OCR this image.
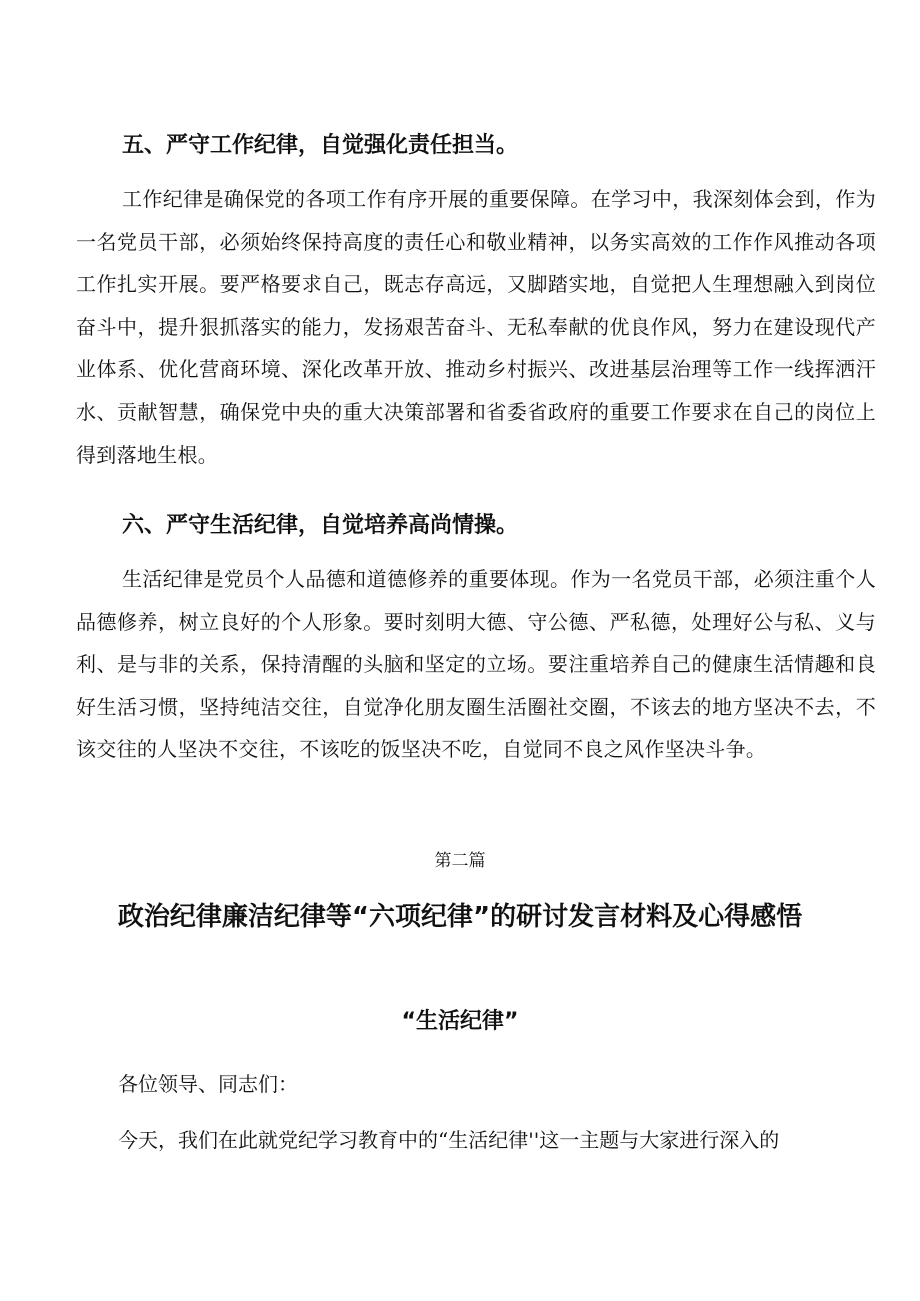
五、严守工作纪律，自觉强化责任担当。

工作纪律是确保党的各项工作有序开展的重要保障。在学习中，我深刻体会到，作为一名党员干部，必须始终保持高度的责任心和敬业精神，以务实高效的工作作风推动各项工作扎实开展。要严格要求自己，既志存高远，又脚踏实地，自觉把人生理想融入到岗位奋斗中，提升狠抓落实的能力，发扬艰苦奋斗、无私奉献的优良作风，努力在建设现代产业体系、优化营商环境、深化改革开放、推动乡村振兴、改进基层治理等工作一线挥洒汗水、贡献智慧，确保党中央的重大决策部署和省委省政府的重要工作要求在自己的岗位上得到落地生根。

六、严守生活纪律，自觉培养高尚情操。

生活纪律是党员个人品德和道德修养的重要体现。作为一名党员干部，必须注重个人品德修养，树立良好的个人形象。要时刻明大德、守公德、严私德，处理好公与私、义与利、是与非的关系，保持清醒的头脑和坚定的立场。要注重培养自己的健康生活情趣和良好生活习惯，坚持纯洁交往，自觉净化朋友圈生活圈社交圈，不该去的地方坚决不去，不该交往的人坚决不交往，不该吃的饭坚决不吃，自觉同不良之风作坚决斗争。

第二篇

政治纪律廉洁纪律等“六项纪律”的研讨发言材料及心得感悟

“生活纪律”

各位领导、同志们：

今天，我们在此就党纪学习教育中的“生活纪律''这一主题与大家进行深入的
